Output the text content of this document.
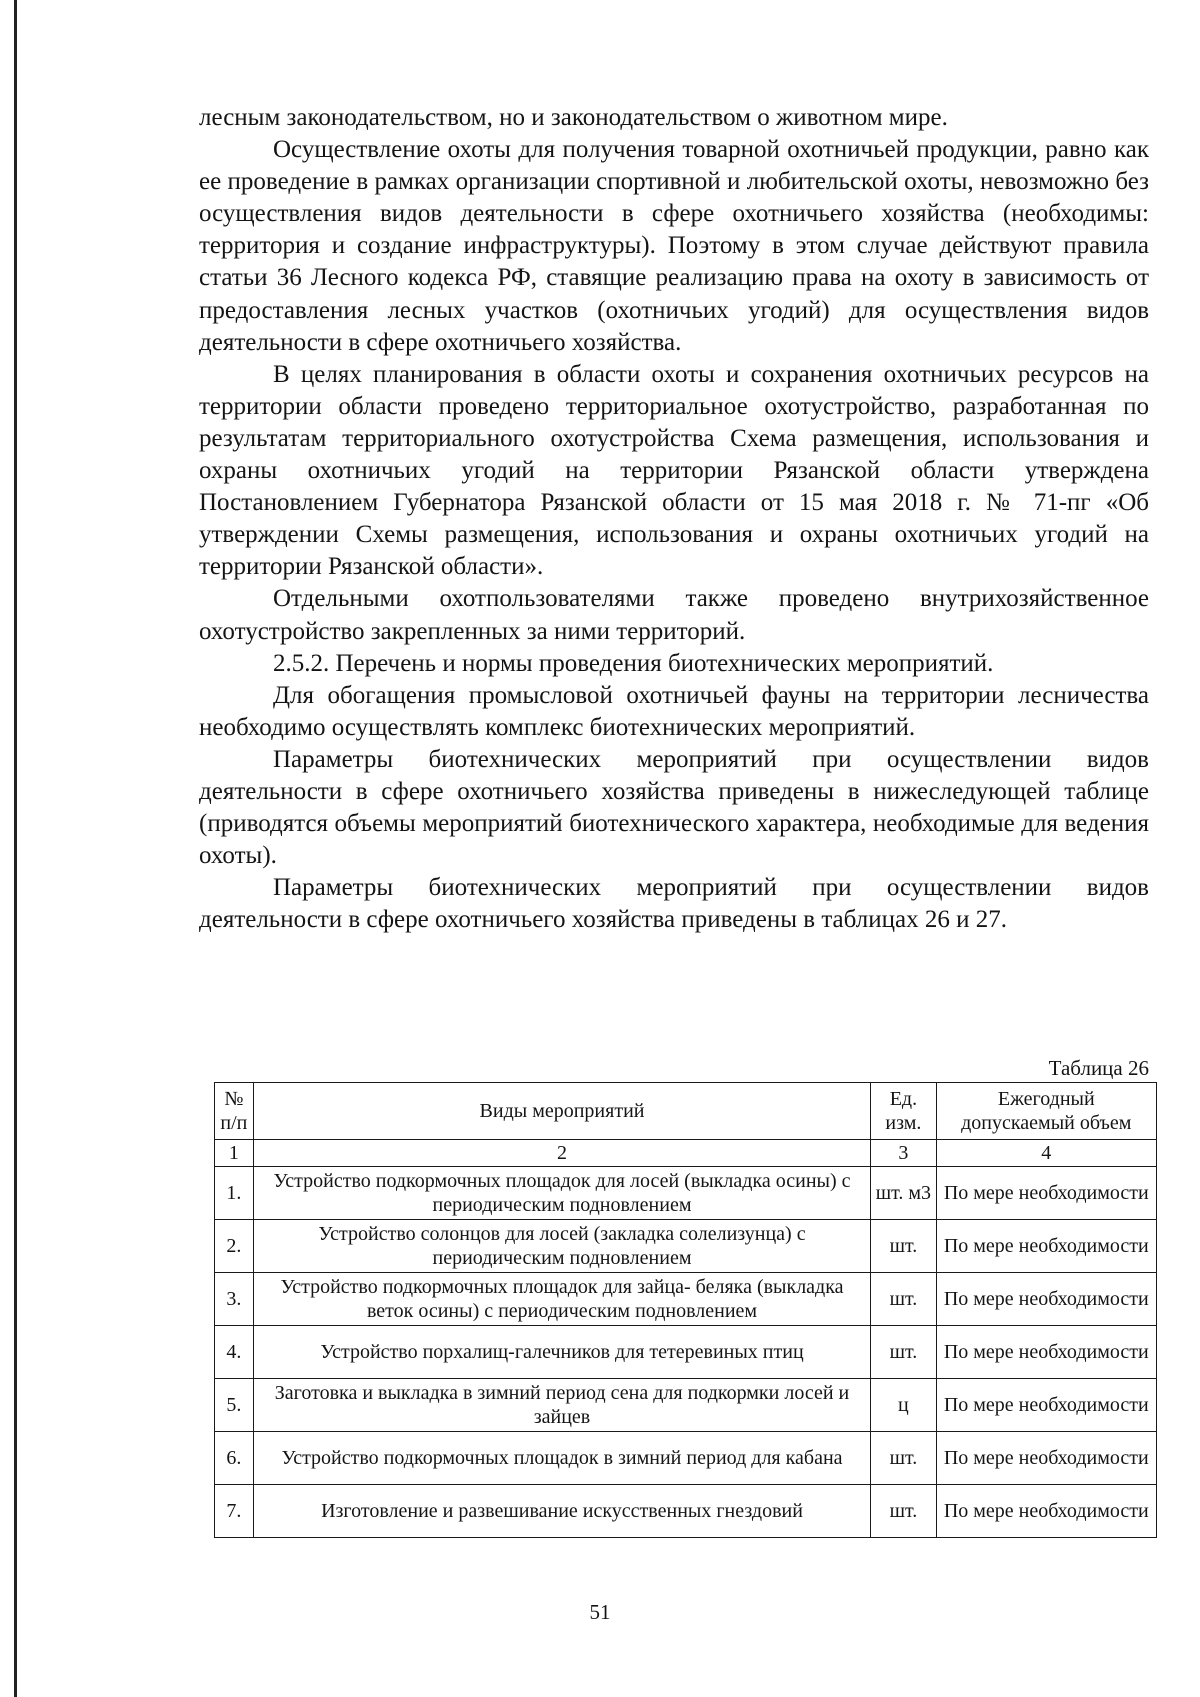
лесным законодательством, но и законодательством о животном мире.

Осуществление охоты для получения товарной охотничьей продукции, равно как ее проведение в рамках организации спортивной и любительской охоты, невозможно без осуществления видов деятельности в сфере охотничьего хозяйства (необходимы: территория и создание инфраструктуры). Поэтому в этом случае действуют правила статьи 36 Лесного кодекса РФ, ставящие реализацию права на охоту в зависимость от предоставления лесных участков (охотничьих угодий) для осуществления видов деятельности в сфере охотничьего хозяйства.

В целях планирования в области охоты и сохранения охотничьих ресурсов на территории области проведено территориальное охотустройство, разработанная по результатам территориального охотустройства Схема размещения, использования и охраны охотничьих угодий на территории Рязанской области утверждена Постановлением Губернатора Рязанской области от 15 мая 2018 г. № 71-пг «Об утверждении Схемы размещения, использования и охраны охотничьих угодий на территории Рязанской области».

Отдельными охотпользователями также проведено внутрихозяйственное охотустройство закрепленных за ними территорий.

2.5.2. Перечень и нормы проведения биотехнических мероприятий.

Для обогащения промысловой охотничьей фауны на территории лесничества необходимо осуществлять комплекс биотехнических мероприятий.

Параметры биотехнических мероприятий при осуществлении видов деятельности в сфере охотничьего хозяйства приведены в нижеследующей таблице (приводятся объемы мероприятий биотехнического характера, необходимые для ведения охоты).

Параметры биотехнических мероприятий при осуществлении видов деятельности в сфере охотничьего хозяйства приведены в таблицах 26 и 27.

Таблица 26
№ п/п	Виды мероприятий	Ед. изм.	Ежегодный допускаемый объем
1	2	3	4
1.	Устройство подкормочных площадок для лосей (выкладка осины) с периодическим подновлением	шт. м3	По мере необходимости
2.	Устройство солонцов для лосей (закладка солелизунца) с периодическим подновлением	шт.	По мере необходимости
3.	Устройство подкормочных площадок для зайца- беляка (выкладка веток осины) с периодическим подновлением	шт.	По мере необходимости
4.	Устройство порхалищ-галечников для тетеревиных птиц	шт.	По мере необходимости
5.	Заготовка и выкладка в зимний период сена для подкормки лосей и зайцев	ц	По мере необходимости
6.	Устройство подкормочных площадок в зимний период для кабана	шт.	По мере необходимости
7.	Изготовление и развешивание искусственных гнездовий	шт.	По мере необходимости
51
